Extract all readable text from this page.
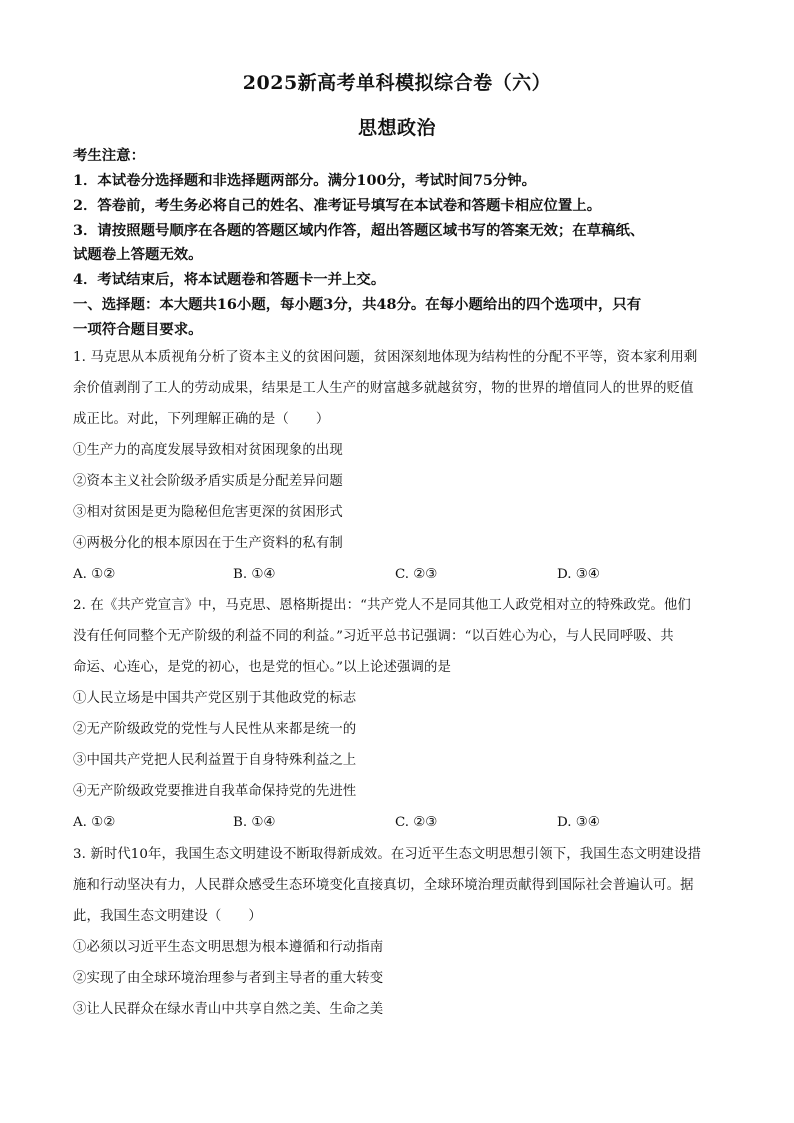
2025新高考单科模拟综合卷（六）
思想政治
考生注意：
1．本试卷分选择题和非选择题两部分。满分100分，考试时间75分钟。
2．答卷前，考生务必将自己的姓名、准考证号填写在本试卷和答题卡相应位置上。
3．请按照题号顺序在各题的答题区域内作答，超出答题区域书写的答案无效；在草稿纸、
试题卷上答题无效。
4．考试结束后，将本试题卷和答题卡一并上交。
一、选择题：本大题共16小题，每小题3分，共48分。在每小题给出的四个选项中，只有
一项符合题目要求。
1. 马克思从本质视角分析了资本主义的贫困问题，贫困深刻地体现为结构性的分配不平等，资本家利用剩
余价值剥削了工人的劳动成果，结果是工人生产的财富越多就越贫穷，物的世界的增值同人的世界的贬值
成正比。对此，下列理解正确的是（　　）
①生产力的高度发展导致相对贫困现象的出现
②资本主义社会阶级矛盾实质是分配差异问题
③相对贫困是更为隐秘但危害更深的贫困形式
④两极分化的根本原因在于生产资料的私有制
A. ①②	B. ①④	C. ②③	D. ③④
2. 在《共产党宣言》中，马克思、恩格斯提出：“共产党人不是同其他工人政党相对立的特殊政党。他们
没有任何同整个无产阶级的利益不同的利益。”习近平总书记强调：“以百姓心为心，与人民同呼吸、共
命运、心连心，是党的初心，也是党的恒心。”以上论述强调的是
①人民立场是中国共产党区别于其他政党的标志
②无产阶级政党的党性与人民性从来都是统一的
③中国共产党把人民利益置于自身特殊利益之上
④无产阶级政党要推进自我革命保持党的先进性
A. ①②	B. ①④	C. ②③	D. ③④
3. 新时代10年，我国生态文明建设不断取得新成效。在习近平生态文明思想引领下，我国生态文明建设措
施和行动坚决有力，人民群众感受生态环境变化直接真切，全球环境治理贡献得到国际社会普遍认可。据
此，我国生态文明建设（　　）
①必须以习近平生态文明思想为根本遵循和行动指南
②实现了由全球环境治理参与者到主导者的重大转变
③让人民群众在绿水青山中共享自然之美、生命之美
